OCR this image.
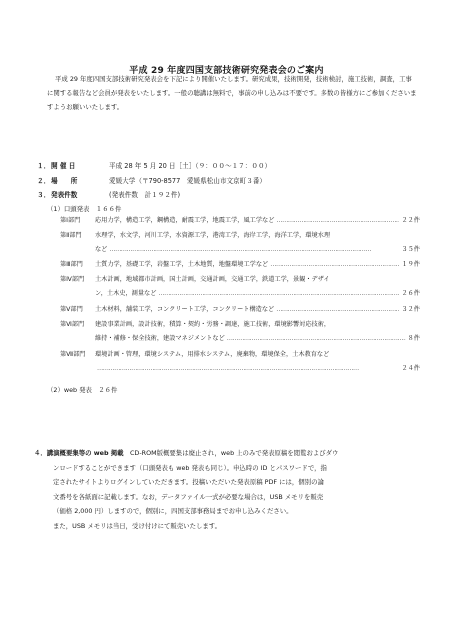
平成 29 年度四国支部技術研究発表会のご案内

平成 29 年度四国支部技術研究発表会を下記により開催いたします。研究成果，技術開発，技術検討，施工技術，調査，工事に関する報告など会員が発表をいたします。一般の聴講は無料で，事前の申し込みは不要です。多数の皆様方にご参加くださいますようお願いいたします。

１．開 催 日	平成 28 年 5 月 20 日［土］（９：００～１７：００）
２．場　　所	愛媛大学（〒790-8577　愛媛県松山市文京町３番）
３．発表件数	(発表件数　計１９２件)
（1）口頭発表　１６６件
第Ⅰ部門	応用力学，構造工学，鋼構造，耐震工学，地震工学，風工学など …………………………………………………………………………………………………………………………	２２件
第Ⅱ部門	水理学，水文学，河川工学，水資源工学，港湾工学，海岸工学，海洋工学，環境水理
など …………………………………………………………………………………………………………………………	３５件
第Ⅲ部門	土質力学，基礎工学，岩盤工学，土木地質，地盤環境工学など …………………………………………………………………………………………………………………………	１９件
第Ⅳ部門	土木計画，地域都市計画，国土計画，交通計画，交通工学，鉄道工学，景観・デザイ
ン，土木史，測量など …………………………………………………………………………………………………………………………	２６件
第Ⅴ部門	土木材料，舗装工学，コンクリート工学，コンクリート構造など …………………………………………………………………………………………………………………………	３２件
第Ⅵ部門	建設事業計画，設計技術，積算・契約・労務・調達，施工技術，環境影響対応技術，
維持・補修・保全技術，建設マネジメントなど …………………………………………………………………………………………………………………………	８件
第Ⅶ部門	環境計画・管理，環境システム，用排水システム，廃棄物，環境保全，土木教育など
…………………………………………………………………………………………………………………………
２４件
（2）web 発表　２６件

４．講演概要集等の web 掲載　 CD-ROM版概要集は廃止され，web 上のみで発表原稿を閲覧およびダウ

ンロードすることができます（口頭発表も web 発表も同じ）。申込時の ID とパスワードで，指

定されたサイトよりログインしていただきます。投稿いただいた発表原稿 PDF には，個別の論

文番号を各紙面に記載します。なお，データファイル一式が必要な場合は，USB メモリを販売

（価格 2,000 円）しますので，個別に，四国支部事務局までお申し込みください。

また，USB メモリは当日，受け付けにて販売いたします。
